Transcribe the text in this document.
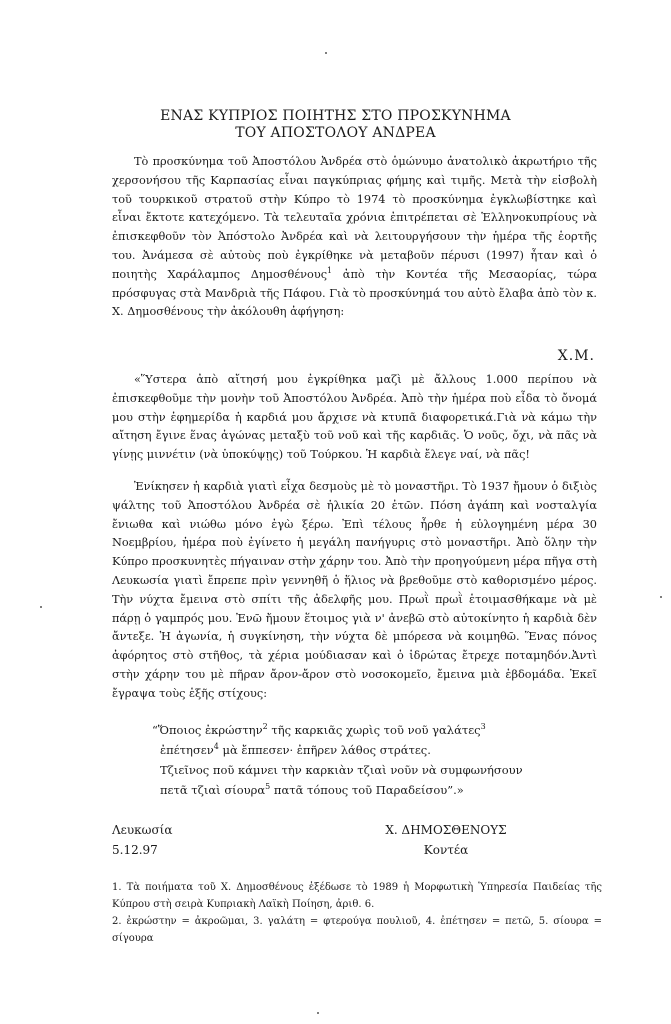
ΕΝΑΣ ΚΥΠΡΙΟΣ ΠΟΙΗΤΗΣ ΣΤΟ ΠΡΟΣΚΥΝΗΜΑ
ΤΟΥ ΑΠΟΣΤΟΛΟΥ ΑΝΔΡΕΑ

Τὸ προσκύνημα τοῦ Ἀποστόλου Ἀνδρέα στὸ ὁμώνυμο ἀνατολικὸ ἀκρωτήριο τῆς χερσονήσου τῆς Καρπασίας εἶναι παγκύπριας φήμης καὶ τιμῆς. Μετὰ τὴν εἰσβολὴ τοῦ τουρκικοῦ στρατοῦ στὴν Κύπρο τὸ 1974 τὸ προσκύνημα ἐγκλωβίστηκε καὶ εἶναι ἔκτοτε κατεχόμενο. Τὰ τελευταῖα χρόνια ἐπιτρέπεται σὲ Ἑλληνοκυπρίους νὰ ἐπισκεφθοῦν τὸν Ἀπόστολο Ἀνδρέα καὶ νὰ λειτουργήσουν τὴν ἡμέρα τῆς ἑορτῆς του. Ἀνάμεσα σὲ αὐτοὺς ποὺ ἐγκρίθηκε νὰ μεταβοῦν πέρυσι (1997) ἦταν καὶ ὁ ποιητὴς Χαράλαμπος Δημοσθένους$^1$ ἀπὸ τὴν Κοντέα τῆς Μεσαορίας, τώρα πρόσφυγας στὰ Μανδριὰ τῆς Πάφου. Γιὰ τὸ προσκύνημά του αὐτὸ ἔλαβα ἀπὸ τὸν κ. Χ. Δημοσθένους τὴν ἀκόλουθη ἀφήγηση:

Χ.Μ.

«Ὕστερα ἀπὸ αἴτησή μου ἐγκρίθηκα μαζὶ μὲ ἄλλους 1.000 περίπου νὰ ἐπισκεφθοῦμε τὴν μονὴν τοῦ Ἀποστόλου Ἀνδρέα. Ἀπὸ τὴν ἡμέρα ποὺ εἶδα τὸ ὄνομά μου στὴν ἐφημερίδα ἡ καρδιά μου ἄρχισε νὰ κτυπᾶ διαφορετικά.Γιὰ νὰ κάμω τὴν αἴτηση ἔγινε ἕνας ἀγώνας μεταξὺ τοῦ νοῦ καὶ τῆς καρδιᾶς. Ὁ νοῦς, ὄχι, νὰ πᾶς νὰ γίνῃς μιννέτιν (νὰ ὑποκύψῃς) τοῦ Τούρκου. Ἡ καρδιὰ ἔλεγε ναί, νὰ πᾶς!

Ἐνίκησεν ἡ καρδιὰ γιατὶ εἶχα δεσμοὺς μὲ τὸ μοναστῆρι. Τὸ 1937 ἤμουν ὁ διξιὸς ψάλτης τοῦ Ἀποστόλου Ἀνδρέα σὲ ἡλικία 20 ἐτῶν. Πόση ἀγάπη καὶ νοσταλγία ἔνιωθα καὶ νιώθω μόνο ἐγὼ ξέρω. Ἐπὶ τέλους ἦρθε ἡ εὐλογημένη μέρα 30 Νοεμβρίου, ἡμέρα ποὺ ἐγίνετο ἡ μεγάλη πανήγυρις στὸ μοναστῆρι. Ἀπὸ ὅλην τὴν Κύπρο προσκυνητὲς πήγαιναν στὴν χάρην του. Ἀπὸ τὴν προηγούμενη μέρα πῆγα στὴ Λευκωσία γιατὶ ἔπρεπε πρὶν γεννηθῆ ὁ ἥλιος νὰ βρεθοῦμε στὸ καθορισμένο μέρος. Τὴν νύχτα ἔμεινα στὸ σπίτι τῆς ἀδελφῆς μου. Πρωῒ πρωῒ ἑτοιμασθήκαμε νὰ μὲ πάρῃ ὁ γαμπρός μου. Ἐνῶ ἤμουν ἕτοιμος γιὰ ν' ἀνεβῶ στὸ αὐτοκίνητο ἡ καρδιὰ δὲν ἄντεξε. Ἡ ἀγωνία, ἡ συγκίνηση, τὴν νύχτα δὲ μπόρεσα νὰ κοιμηθῶ. Ἕνας πόνος ἀφόρητος στὸ στῆθος, τὰ χέρια μούδιασαν καὶ ὁ ἱδρώτας ἔτρεχε ποταμηδόν.Ἀντὶ στὴν χάρην του μὲ πῆραν ἄρον-ἄρον στὸ νοσοκομεῖο, ἔμεινα μιὰ ἑβδομάδα. Ἐκεῖ ἔγραψα τοὺς ἑξῆς στίχους:

“Ὅποιος ἐκρώστην$^2$ τῆς καρκιᾶς χωρὶς τοῦ νοῦ γαλάτες$^3$
ἐπέτησεν$^4$ μὰ ἔππεσεν· ἐπῆρεν λάθος στράτες.
Τζιεῖνος ποῦ κάμνει τὴν καρκιὰν τζιαὶ νοῦν νὰ συμφωνήσουν
πετᾶ τζιαὶ σίουρα$^5$ πατᾶ τόπους τοῦ Παραδείσου”.»
Λευκωσία
5.12.97
Χ. ΔΗΜΟΣΘΕΝΟΥΣ
Κοντέα
1. Τὰ ποιήματα τοῦ Χ. Δημοσθένους ἐξέδωσε τὸ 1989 ἡ Μορφωτικὴ Ὑπηρεσία Παιδείας τῆς Κύπρου στὴ σειρὰ Κυπριακὴ Λαϊκὴ Ποίηση, ἀριθ. 6.
2. ἐκρώστην = ἀκροῶμαι, 3. γαλάτη = φτερούγα πουλιοῦ, 4. ἐπέτησεν = πετῶ, 5. σίουρα = σίγουρα
